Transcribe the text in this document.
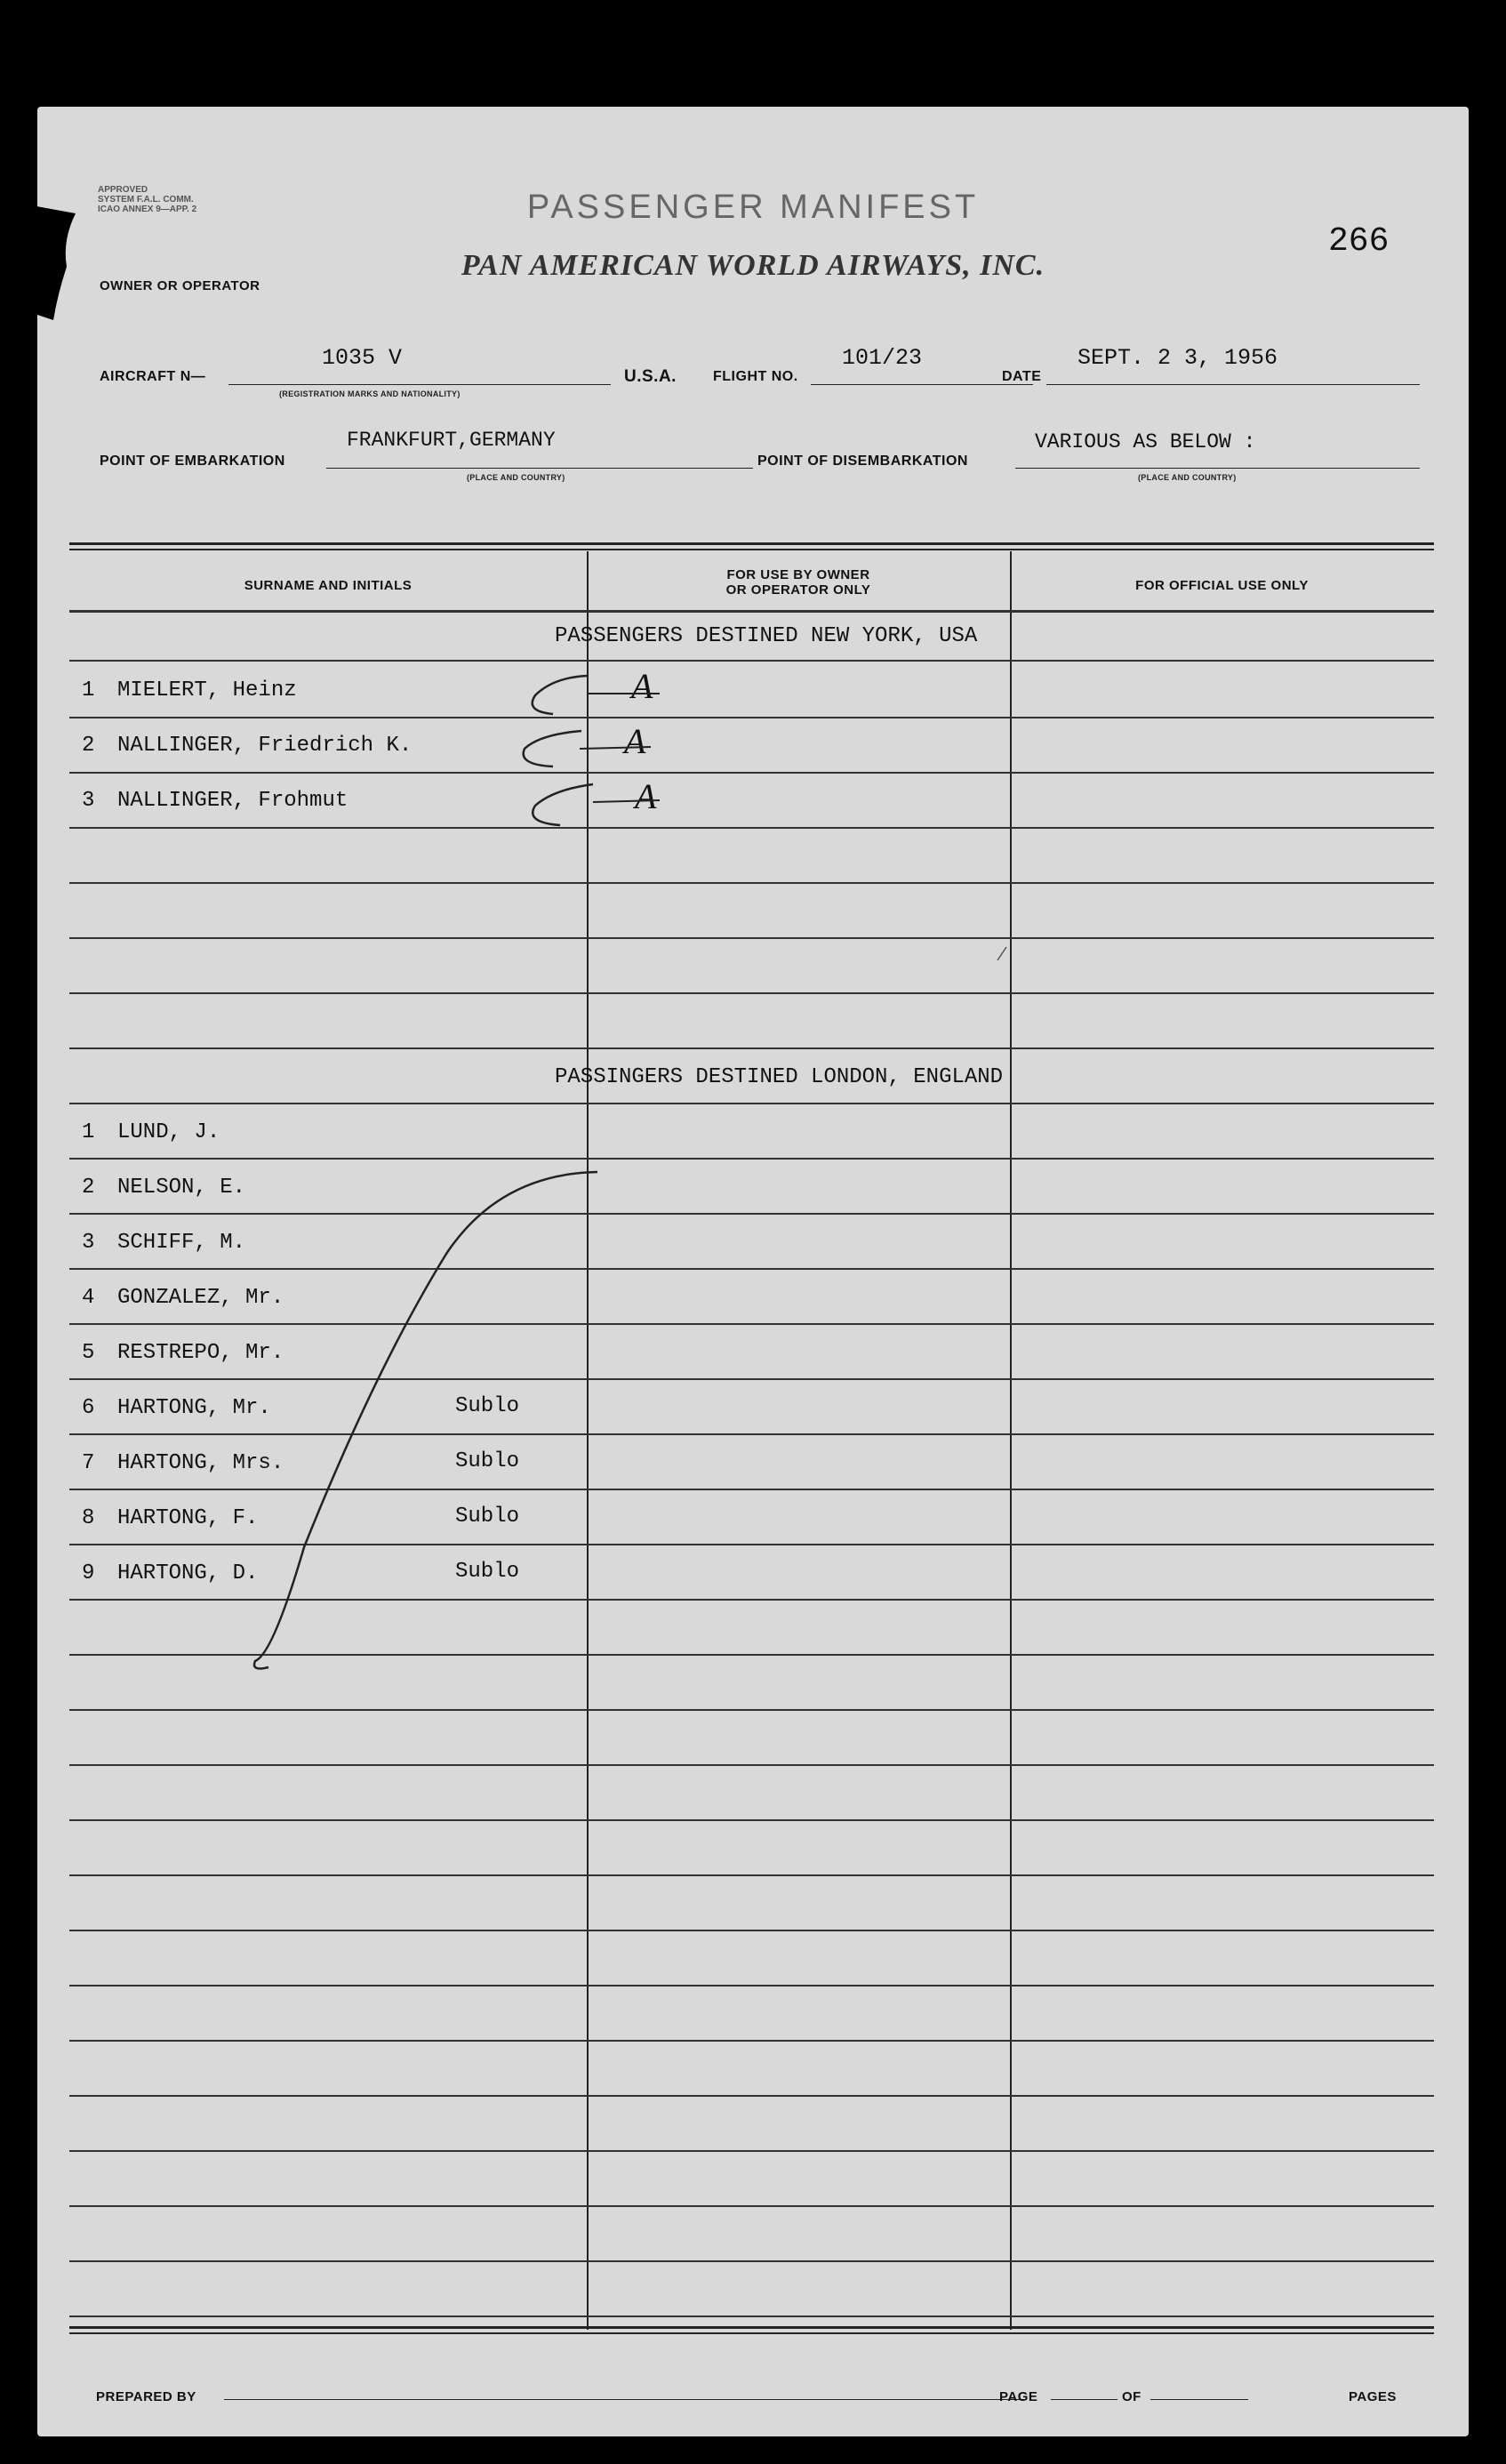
APPROVED
SYSTEM F.A.L. COMM.
ICAO ANNEX 9—APP. 2
OWNER OR OPERATOR
PASSENGER MANIFEST
PAN AMERICAN WORLD AIRWAYS, INC.
266
AIRCRAFT N—
1035 V
(REGISTRATION MARKS AND NATIONALITY)
U.S.A.	FLIGHT NO.
101/23
DATE
SEPT. 2 3, 1956
POINT OF EMBARKATION
FRANKFURT,GERMANY
(PLACE AND COUNTRY)
POINT OF DISEMBARKATION
VARIOUS AS BELOW :
(PLACE AND COUNTRY)
SURNAME AND INITIALS
FOR USE BY OWNER
OR OPERATOR ONLY	FOR OFFICIAL USE ONLY
PASSENGERS DESTINED NEW YORK, USA
1 MIELERT, Heinz	A
2 NALLINGER, Friedrich K.	A
3 NALLINGER, Frohmut	A
PASSINGERS DESTINED LONDON, ENGLAND
1 LUND, J.
2 NELSON, E.
3 SCHIFF, M.
4 GONZALEZ, Mr.
5 RESTREPO, Mr.
6 HARTONG, Mr.	Sublo
7 HARTONG, Mrs.	Sublo
8 HARTONG, F.	Sublo
9 HARTONG, D.	Sublo
PREPARED BY	PAGE	OF	PAGES
